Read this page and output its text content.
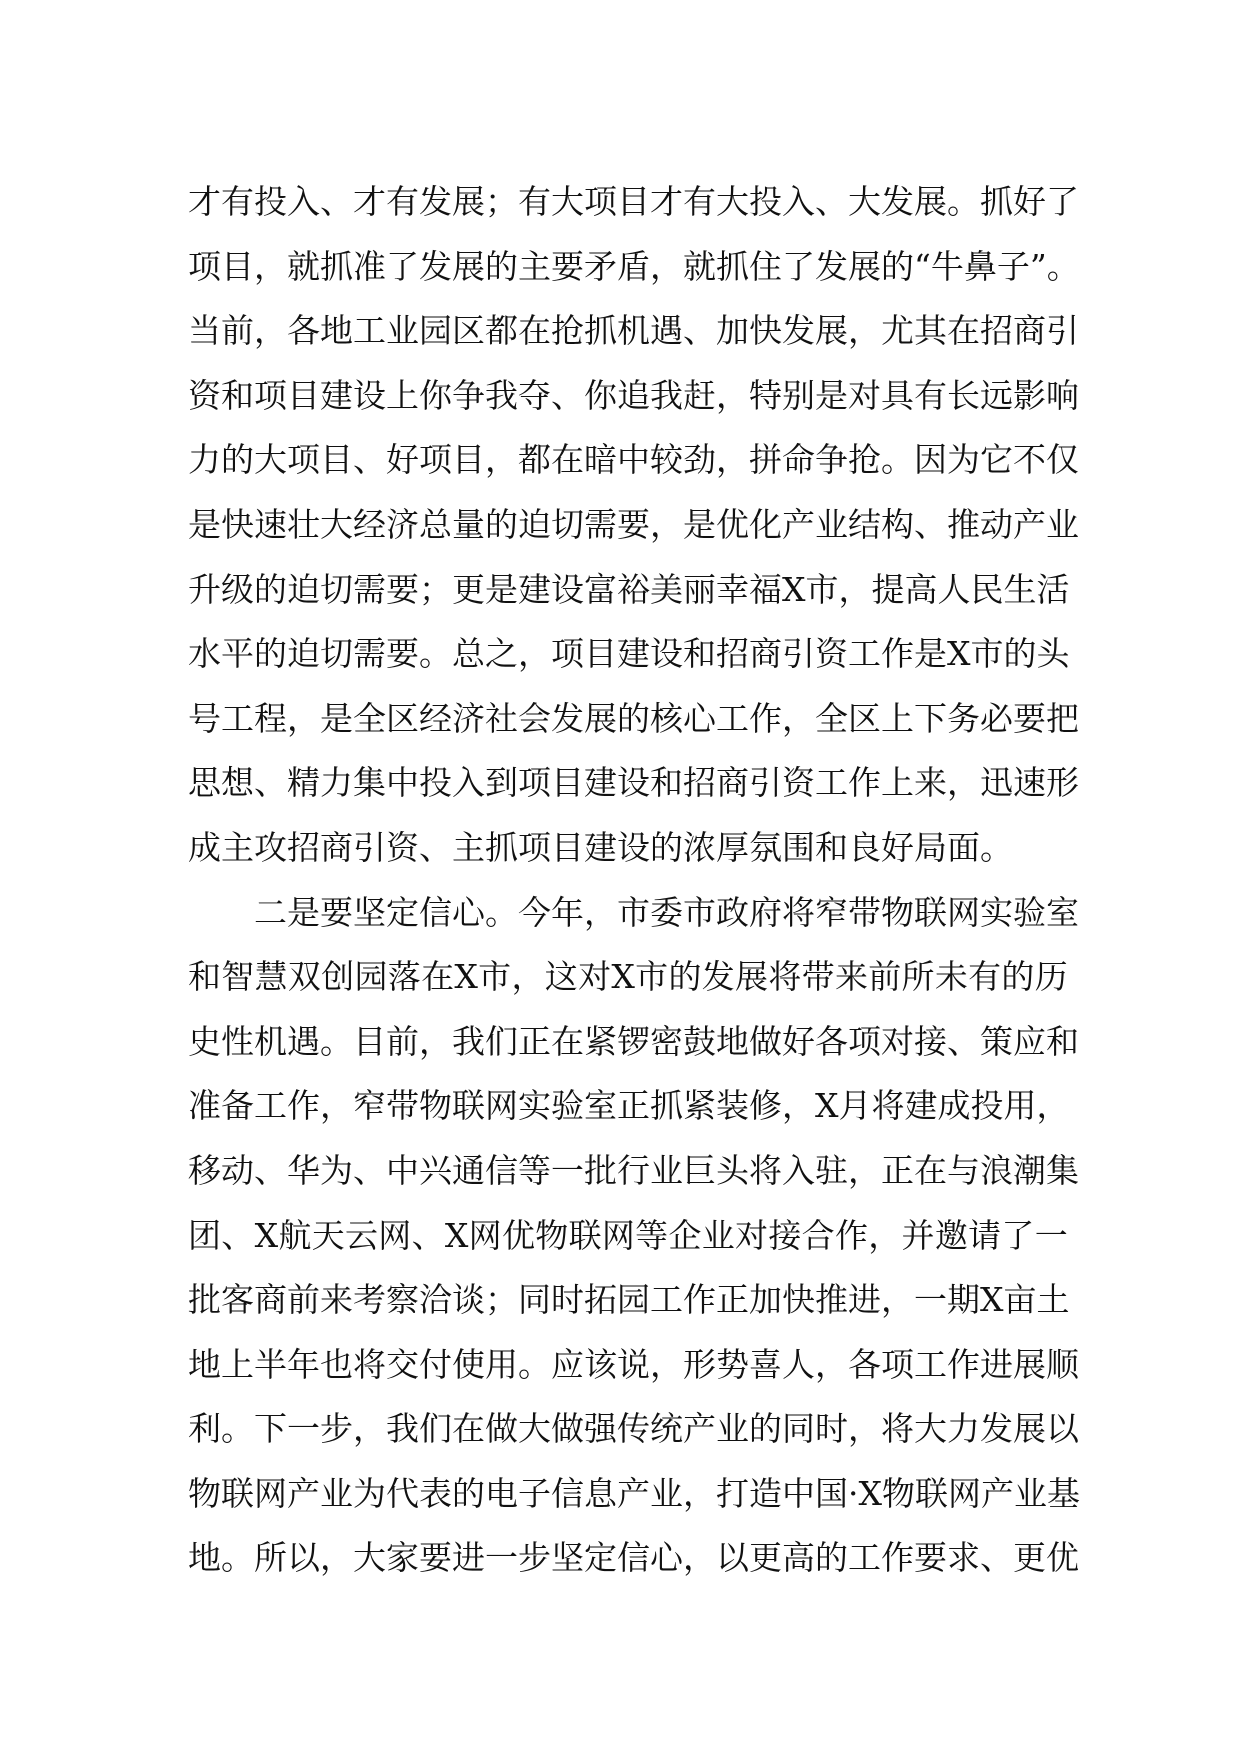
才 有 投 入 、 才 有 发 展 ； 有 大 项 目 才 有 大 投 入 、 大 发 展 。 抓 好 了
项 目 ， 就 抓 准 了 发 展 的 主 要 矛 盾 ， 就 抓 住 了 发 展 的 “ 牛 鼻 子 ” 。
当 前 ， 各 地 工 业 园 区 都 在 抢 抓 机 遇 、 加 快 发 展 ， 尤 其 在 招 商 引
资 和 项 目 建 设 上 你 争 我 夺 、 你 追 我 赶 ， 特 别 是 对 具 有 长 远 影 响
力 的 大 项 目 、 好 项 目 ， 都 在 暗 中 较 劲 ， 拼 命 争 抢 。 因 为 它 不 仅
是 快 速 壮 大 经 济 总 量 的 迫 切 需 要 ， 是 优 化 产 业 结 构 、 推 动 产 业
升 级 的 迫 切 需 要 ； 更 是 建 设 富 裕 美 丽 幸 福 X 市 ， 提 高 人 民 生 活
水 平 的 迫 切 需 要 。 总 之 ， 项 目 建 设 和 招 商 引 资 工 作 是 X 市 的 头
号 工 程 ， 是 全 区 经 济 社 会 发 展 的 核 心 工 作 ， 全 区 上 下 务 必 要 把
思 想 、 精 力 集 中 投 入 到 项 目 建 设 和 招 商 引 资 工 作 上 来 ， 迅 速 形
成 主 攻 招 商 引 资 、 主 抓 项 目 建 设 的 浓 厚 氛 围 和 良 好 局 面 。
二 是 要 坚 定 信 心 。 今 年 ， 市 委 市 政 府 将 窄 带 物 联 网 实 验 室
和 智 慧 双 创 园 落 在 X 市 ， 这 对 X 市 的 发 展 将 带 来 前 所 未 有 的 历
史 性 机 遇 。 目 前 ， 我 们 正 在 紧 锣 密 鼓 地 做 好 各 项 对 接 、 策 应 和
准 备 工 作 ， 窄 带 物 联 网 实 验 室 正 抓 紧 装 修 ， X 月 将 建 成 投 用 ，
移 动 、 华 为 、 中 兴 通 信 等 一 批 行 业 巨 头 将 入 驻 ， 正 在 与 浪 潮 集
团 、 X 航 天 云 网 、 X 网 优 物 联 网 等 企 业 对 接 合 作 ， 并 邀 请 了 一
批 客 商 前 来 考 察 洽 谈 ； 同 时 拓 园 工 作 正 加 快 推 进 ， 一 期 X 亩 土
地 上 半 年 也 将 交 付 使 用 。 应 该 说 ， 形 势 喜 人 ， 各 项 工 作 进 展 顺
利 。 下 一 步 ， 我 们 在 做 大 做 强 传 统 产 业 的 同 时 ， 将 大 力 发 展 以
物 联 网 产 业 为 代 表 的 电 子 信 息 产 业 ， 打 造 中 国 · X 物 联 网 产 业 基
地 。 所 以 ， 大 家 要 进 一 步 坚 定 信 心 ， 以 更 高 的 工 作 要 求 、 更 优
